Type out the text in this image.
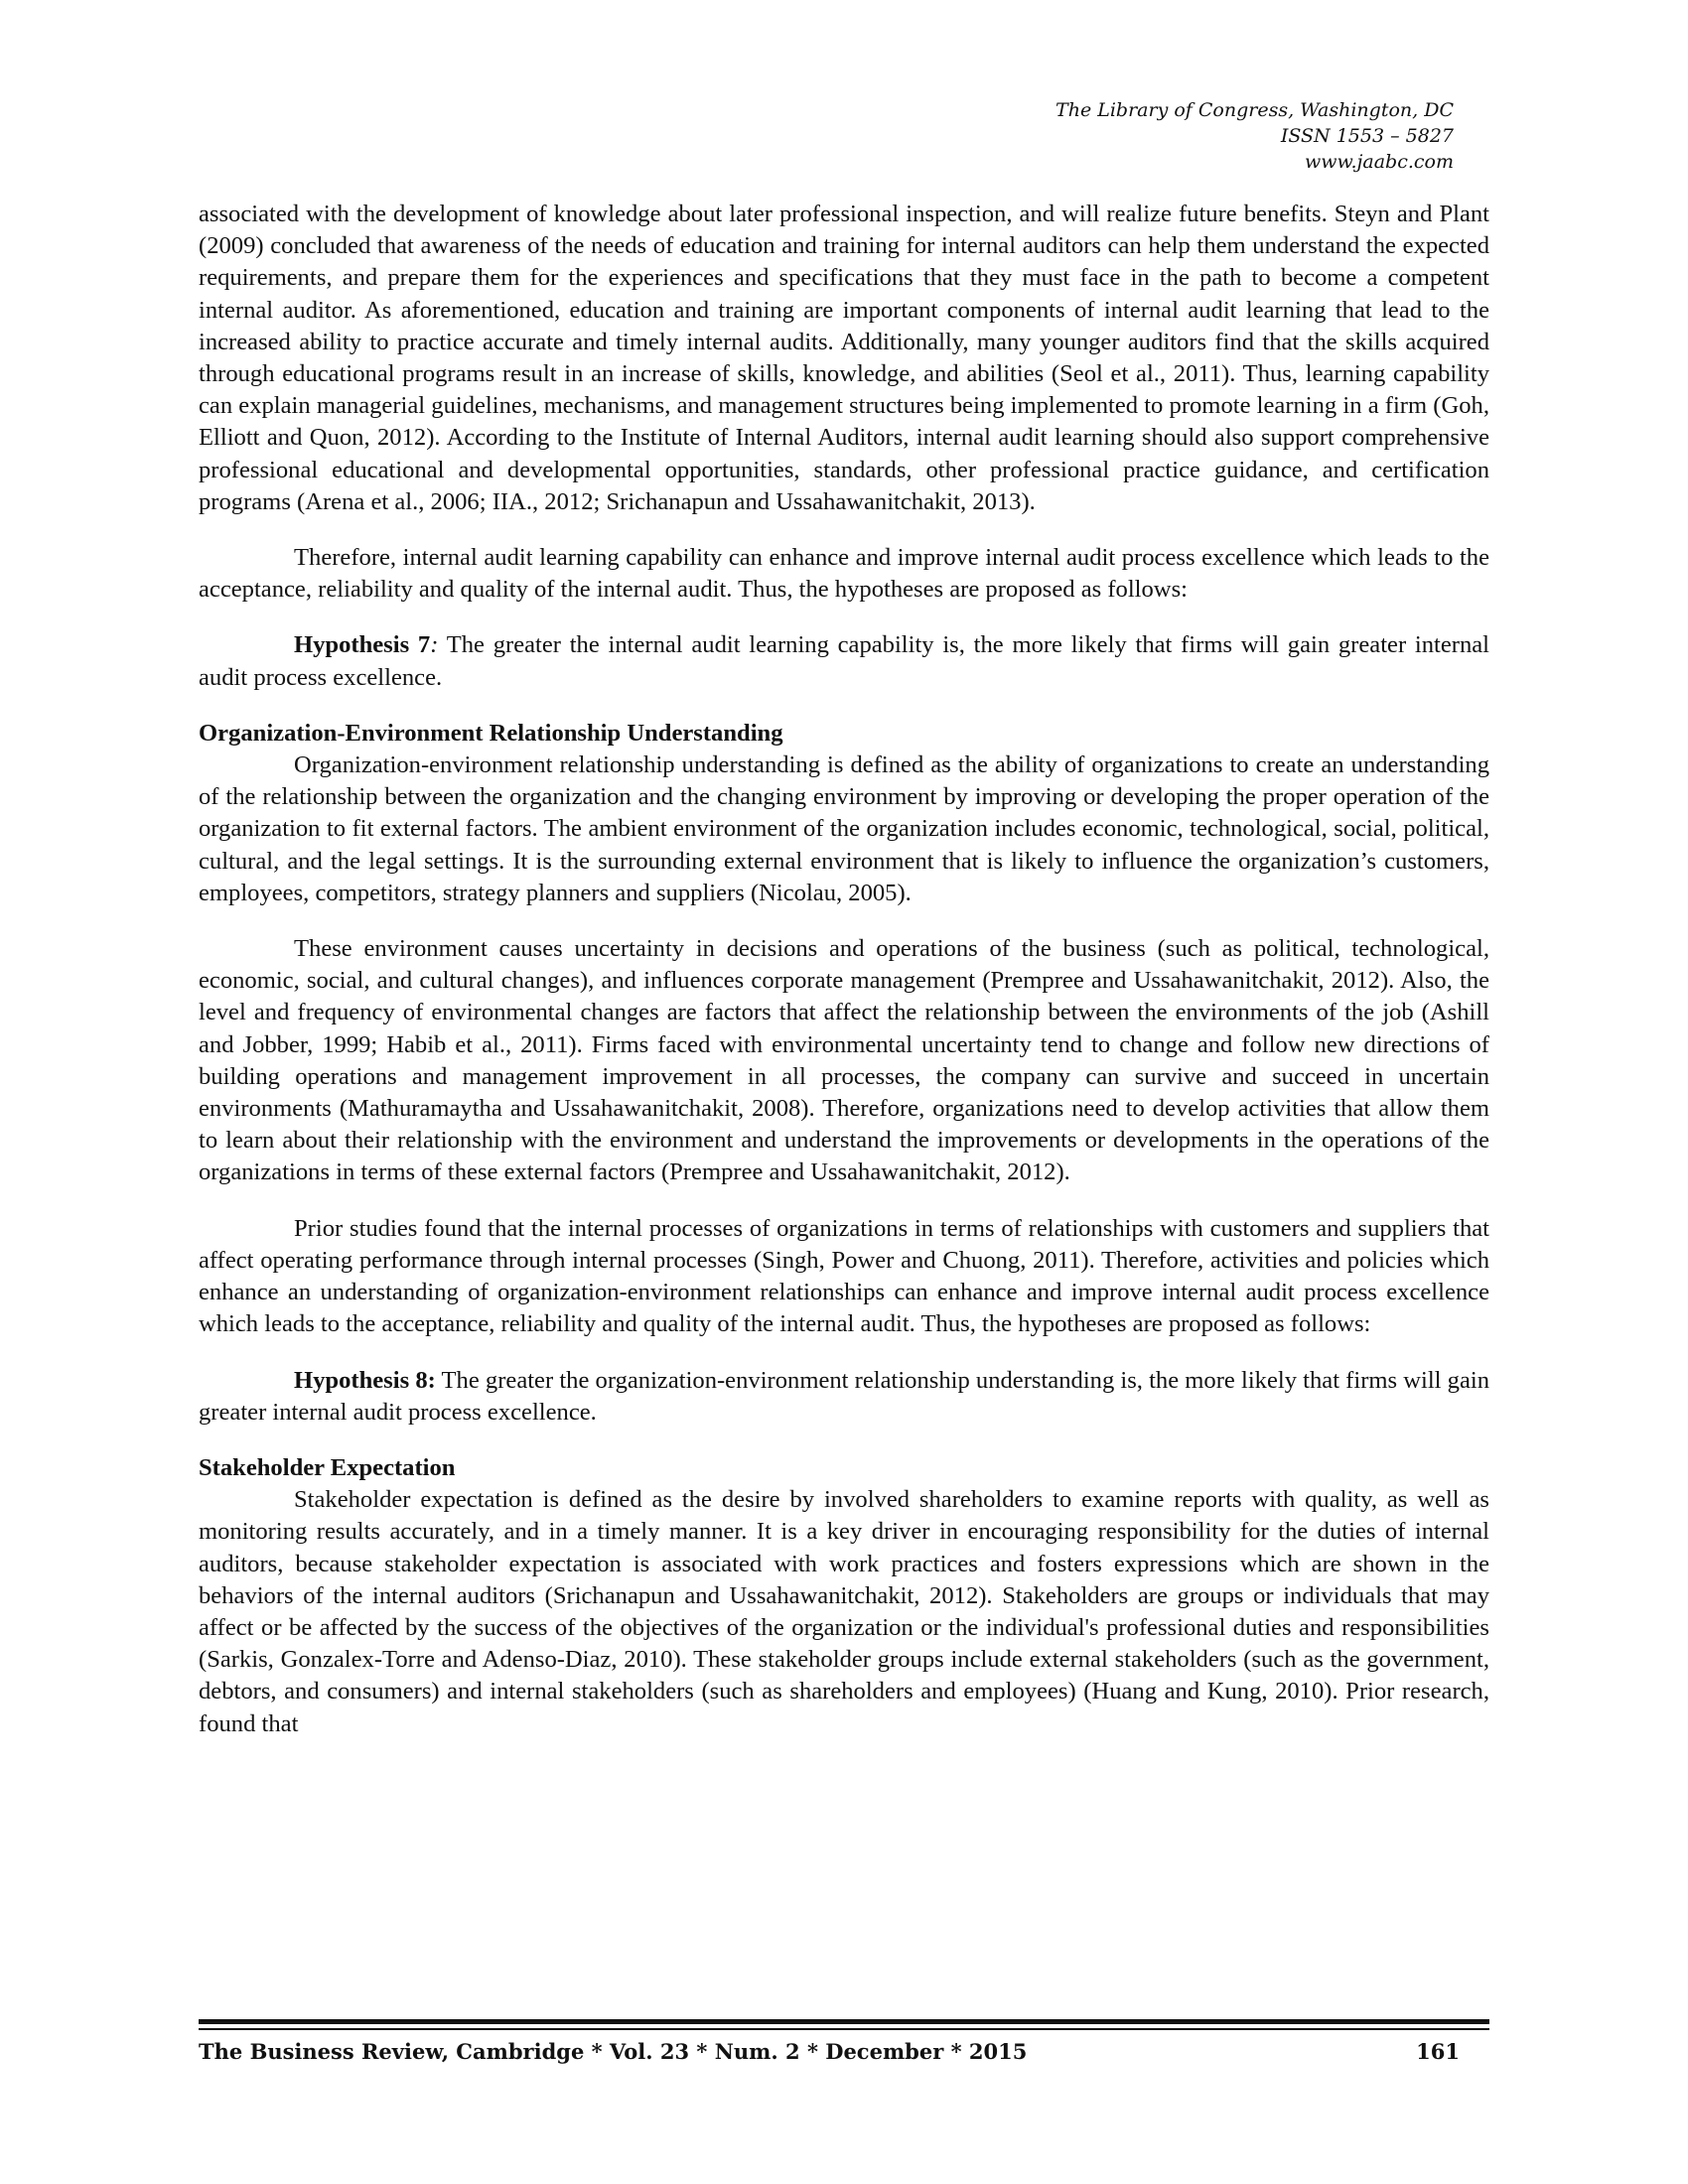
The Library of Congress, Washington, DC
ISSN 1553 – 5827
www.jaabc.com

associated with the development of knowledge about later professional inspection, and will realize future benefits. Steyn and Plant (2009) concluded that awareness of the needs of education and training for internal auditors can help them understand the expected requirements, and prepare them for the experiences and specifications that they must face in the path to become a competent internal auditor. As aforementioned, education and training are important components of internal audit learning that lead to the increased ability to practice accurate and timely internal audits. Additionally, many younger auditors find that the skills acquired through educational programs result in an increase of skills, knowledge, and abilities (Seol et al., 2011). Thus, learning capability can explain managerial guidelines, mechanisms, and management structures being implemented to promote learning in a firm (Goh, Elliott and Quon, 2012). According to the Institute of Internal Auditors, internal audit learning should also support comprehensive professional educational and developmental opportunities, standards, other professional practice guidance, and certification programs (Arena et al., 2006; IIA., 2012; Srichanapun and Ussahawanitchakit, 2013).

Therefore, internal audit learning capability can enhance and improve internal audit process excellence which leads to the acceptance, reliability and quality of the internal audit. Thus, the hypotheses are proposed as follows:

Hypothesis 7: The greater the internal audit learning capability is, the more likely that firms will gain greater internal audit process excellence.

Organization-Environment Relationship Understanding

Organization-environment relationship understanding is defined as the ability of organizations to create an understanding of the relationship between the organization and the changing environment by improving or developing the proper operation of the organization to fit external factors. The ambient environment of the organization includes economic, technological, social, political, cultural, and the legal settings. It is the surrounding external environment that is likely to influence the organization’s customers, employees, competitors, strategy planners and suppliers (Nicolau, 2005).

These environment causes uncertainty in decisions and operations of the business (such as political, technological, economic, social, and cultural changes), and influences corporate management (Prempree and Ussahawanitchakit, 2012). Also, the level and frequency of environmental changes are factors that affect the relationship between the environments of the job (Ashill and Jobber, 1999; Habib et al., 2011). Firms faced with environmental uncertainty tend to change and follow new directions of building operations and management improvement in all processes, the company can survive and succeed in uncertain environments (Mathuramaytha and Ussahawanitchakit, 2008). Therefore, organizations need to develop activities that allow them to learn about their relationship with the environment and understand the improvements or developments in the operations of the organizations in terms of these external factors (Prempree and Ussahawanitchakit, 2012).

Prior studies found that the internal processes of organizations in terms of relationships with customers and suppliers that affect operating performance through internal processes (Singh, Power and Chuong, 2011). Therefore, activities and policies which enhance an understanding of organization-environment relationships can enhance and improve internal audit process excellence which leads to the acceptance, reliability and quality of the internal audit. Thus, the hypotheses are proposed as follows:

Hypothesis 8: The greater the organization-environment relationship understanding is, the more likely that firms will gain greater internal audit process excellence.

Stakeholder Expectation

Stakeholder expectation is defined as the desire by involved shareholders to examine reports with quality, as well as monitoring results accurately, and in a timely manner. It is a key driver in encouraging responsibility for the duties of internal auditors, because stakeholder expectation is associated with work practices and fosters expressions which are shown in the behaviors of the internal auditors (Srichanapun and Ussahawanitchakit, 2012). Stakeholders are groups or individuals that may affect or be affected by the success of the objectives of the organization or the individual's professional duties and responsibilities (Sarkis, Gonzalex-Torre and Adenso-Diaz, 2010). These stakeholder groups include external stakeholders (such as the government, debtors, and consumers) and internal stakeholders (such as shareholders and employees) (Huang and Kung, 2010). Prior research, found that

The Business Review, Cambridge * Vol. 23 * Num. 2 * December * 2015	161
